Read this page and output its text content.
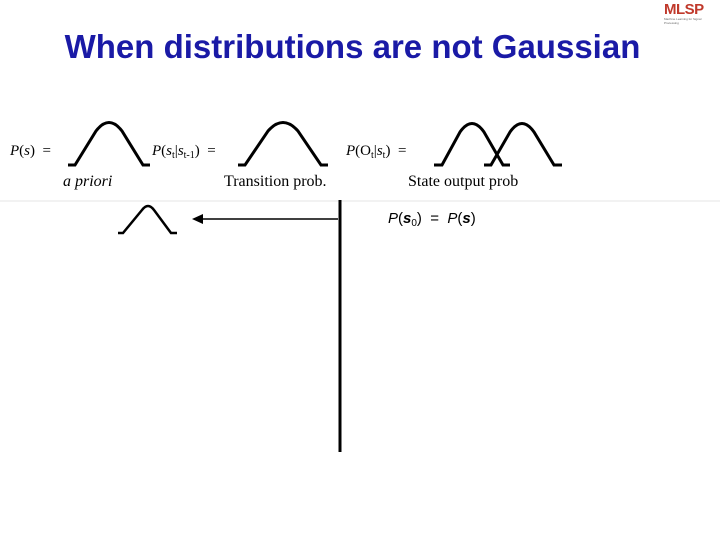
MLSP
Machine Learning for Signal Processing
When distributions are not Gaussian
P(s)  =	$P(s_t|s_{t-1})$  =	$P(O_t|s_t)$  =
a priori	Transition prob.	State output prob
$P(s_0) = P(s)$
